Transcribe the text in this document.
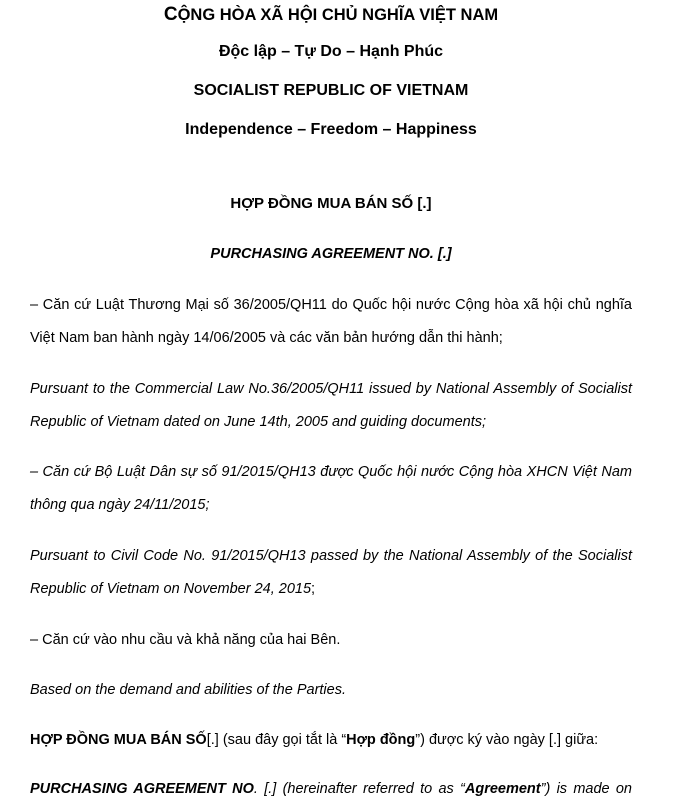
CỘNG HÒA XÃ HỘI CHỦ NGHĨA VIỆT NAM
Độc lập – Tự Do – Hạnh Phúc
SOCIALIST REPUBLIC OF VIETNAM
Independence – Freedom – Happiness
HỢP ĐỒNG MUA BÁN SỐ [.]
PURCHASING AGREEMENT NO. [.]
– Căn cứ Luật Thương Mại số 36/2005/QH11 do Quốc hội nước Cộng hòa xã hội chủ nghĩa
Việt Nam ban hành ngày 14/06/2005 và các văn bản hướng dẫn thi hành;
Pursuant to the Commercial Law No.36/2005/QH11 issued by National Assembly of Socialist
Republic of Vietnam dated on June 14th, 2005 and guiding documents;
– Căn cứ Bộ Luật Dân sự số 91/2015/QH13 được Quốc hội nước Cộng hòa XHCN Việt Nam
thông qua ngày 24/11/2015;
Pursuant to Civil Code No. 91/2015/QH13 passed by the National Assembly of the Socialist
Republic of Vietnam on November 24, 2015;
– Căn cứ vào nhu cầu và khả năng của hai Bên.
Based on the demand and abilities of the Parties.
HỢP ĐỒNG MUA BÁN SỐ[.] (sau đây gọi tắt là “Hợp đồng”) được ký vào ngày [.] giữa:
PURCHASING AGREEMENT NO. [.] (hereinafter referred to as “Agreement”) is made on
